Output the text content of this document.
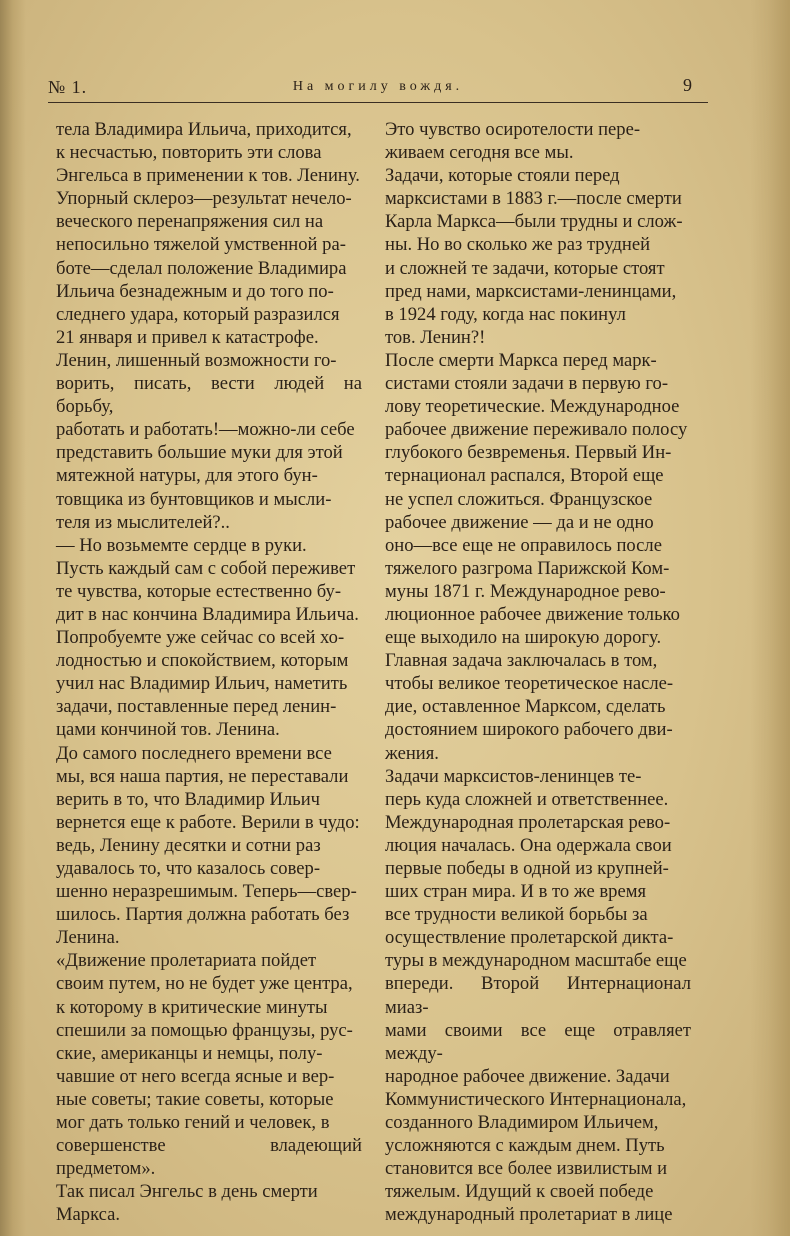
№ 1.	На могилу вождя.	9

тела Владимира Ильича, приходится,
к несчастью, повторить эти слова
Энгельса в применении к тов. Ленину.
Упорный склероз—результат нечело-
веческого перенапряжения сил на
непосильно тяжелой умственной ра-
боте—сделал положение Владимира
Ильича безнадежным и до того по-
следнего удара, который разразился
21 января и привел к катастрофе.
Ленин, лишенный возможности го-
ворить, писать, вести людей на борьбу,
работать и работать!—можно-ли себе
представить большие муки для этой
мятежной натуры, для этого бун-
товщика из бунтовщиков и мысли-
теля из мыслителей?..

— Но возьмемте сердце в руки.
Пусть каждый сам с собой переживет
те чувства, которые естественно бу-
дит в нас кончина Владимира Ильича.
Попробуемте уже сейчас со всей хо-
лодностью и спокойствием, которым
учил нас Владимир Ильич, наметить
задачи, поставленные перед ленин-
цами кончиной тов. Ленина.

До самого последнего времени все
мы, вся наша партия, не переставали
верить в то, что Владимир Ильич
вернется еще к работе. Верили в чудо:
ведь, Ленину десятки и сотни раз
удавалось то, что казалось совер-
шенно неразрешимым. Теперь—свер-
шилось. Партия должна работать без
Ленина.

«Движение пролетариата пойдет
своим путем, но не будет уже центра,
к которому в критические минуты
спешили за помощью французы, рус-
ские, американцы и немцы, полу-
чавшие от него всегда ясные и вер-
ные советы; такие советы, которые
мог дать только гений и человек, в
совершенстве владеющий предметом».
Так писал Энгельс в день смерти
Маркса.

Это чувство осиротелости пере-
живаем сегодня все мы.

Задачи, которые стояли перед
марксистами в 1883 г.—после смерти
Карла Маркса—были трудны и слож-
ны. Но во сколько же раз трудней
и сложней те задачи, которые стоят
пред нами, марксистами-ленинцами,
в 1924 году, когда нас покинул
тов. Ленин?!

После смерти Маркса перед марк-
систами стояли задачи в первую го-
лову теоретические. Международное
рабочее движение переживало полосу
глубокого безвременья. Первый Ин-
тернационал распался, Второй еще
не успел сложиться. Французское
рабочее движение — да и не одно
оно—все еще не оправилось после
тяжелого разгрома Парижской Ком-
муны 1871 г. Международное рево-
люционное рабочее движение только
еще выходило на широкую дорогу.
Главная задача заключалась в том,
чтобы великое теоретическое насле-
дие, оставленное Марксом, сделать
достоянием широкого рабочего дви-
жения.

Задачи марксистов-ленинцев те-
перь куда сложней и ответственнее.
Международная пролетарская рево-
люция началась. Она одержала свои
первые победы в одной из крупней-
ших стран мира. И в то же время
все трудности великой борьбы за
осуществление пролетарской дикта-
туры в международном масштабе еще
впереди. Второй Интернационал миаз-
мами своими все еще отравляет между-
народное рабочее движение. Задачи
Коммунистического Интернационала,
созданного Владимиром Ильичем,
усложняются с каждым днем. Путь
становится все более извилистым и
тяжелым. Идущий к своей победе
международный пролетариат в лице
